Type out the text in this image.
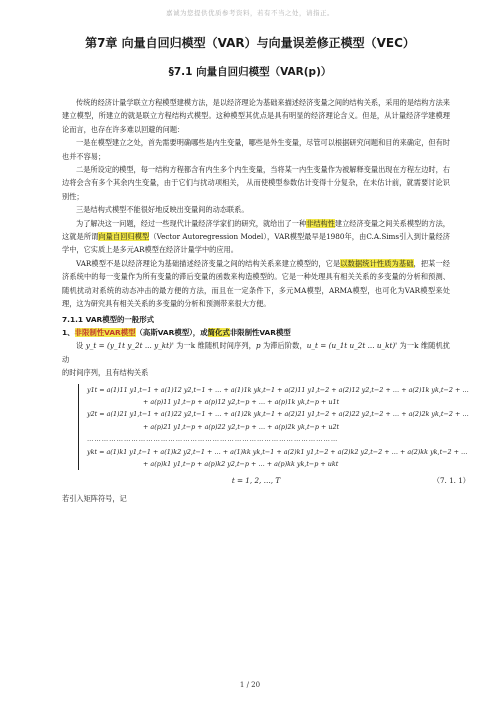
嘉诚为您提供优质参考资料，若有不当之处，请指正。
第7章 向量自回归模型（VAR）与向量误差修正模型（VEC）
§7.1 向量自回归模型（VAR(p)）

传统的经济计量学联立方程模型建模方法，是以经济理论为基础来描述经济变量之间的结构关系，采用的是结构方法来建立模型，所建立的就是联立方程结构式模型。这种模型其优点是具有明显的经济理论含义。但是，从计量经济学建模理论而言，也存在许多难以回避的问题：

一是在模型建立之处，首先需要明确哪些是内生变量，哪些是外生变量，尽管可以根据研究问题和目的来确定，但有时也并不容易；

二是所设定的模型，每一结构方程都含有内生多个内生变量，当将某一内生变量作为被解释变量出现在方程左边时，右边将会含有多个其余内生变量，由于它们与扰动项相关， 从而使模型参数估计变得十分复杂，在未估计前，就需要讨论识别性；

三是结构式模型不能很好地反映出变量间的动态联系。

为了解决这一问题，经过一些现代计量经济学家们的研究，就给出了一种非结构性建立经济变量之间关系模型的方法，这就是所谓向量自回归模型（Vector Autoregression Model），VAR模型最早是1980年，由C.A.Sims引入到计量经济学中，它实质上是多元AR模型在经济计量学中的应用。

VAR模型不是以经济理论为基础描述经济变量之间的结构关系来建立模型的，它是以数据统计性质为基础，把某一经济系统中的每一变量作为所有变量的滞后变量的函数来构造模型的。它是一种处理具有相关关系的多变量的分析和预测、随机扰动对系统的动态冲击的最方便的方法，而且在一定条件下，多元MA模型，ARMA模型，也可化为VAR模型来处理，这为研究具有相关关系的多变量的分析和预测带来很大方便。

7.1.1 VAR模型的一般形式

1、非限制性VAR模型（高斯VAR模型），或简化式非限制性VAR模型

设 y_t = (y_1t y_2t ... y_kt)' 为一k 维随机时间序列，p 为滞后阶数，u_t = (u_1t u_2t ... u_kt)' 为一k 维随机扰动

的时间序列，且有结构关系

y1t = a(1)11 y1,t−1 + a(1)12 y2,t−1 + … + a(1)1k yk,t−1 + a(2)11 y1,t−2 + a(2)12 y2,t−2 + … + a(2)1k yk,t−2 + …
+ a(p)11 y1,t−p + a(p)12 y2,t−p + … + a(p)1k yk,t−p + u1t
y2t = a(1)21 y1,t−1 + a(1)22 y2,t−1 + … + a(1)2k yk,t−1 + a(2)21 y1,t−2 + a(2)22 y2,t−2 + … + a(2)2k yk,t−2 + …
+ a(p)21 y1,t−p + a(p)22 y2,t−p + … + a(p)2k yk,t−p + u2t
…………………………………………………………………………………………
ykt = a(1)k1 y1,t−1 + a(1)k2 y2,t−1 + … + a(1)kk yk,t−1 + a(2)k1 y1,t−2 + a(2)k2 y2,t−2 + … + a(2)kk yk,t−2 + …
+ a(p)k1 y1,t−p + a(p)k2 y2,t−p + … + a(p)kk yk,t−p + ukt
t = 1, 2, …, T	（7. 1. 1）

若引入矩阵符号，记

1 / 20
